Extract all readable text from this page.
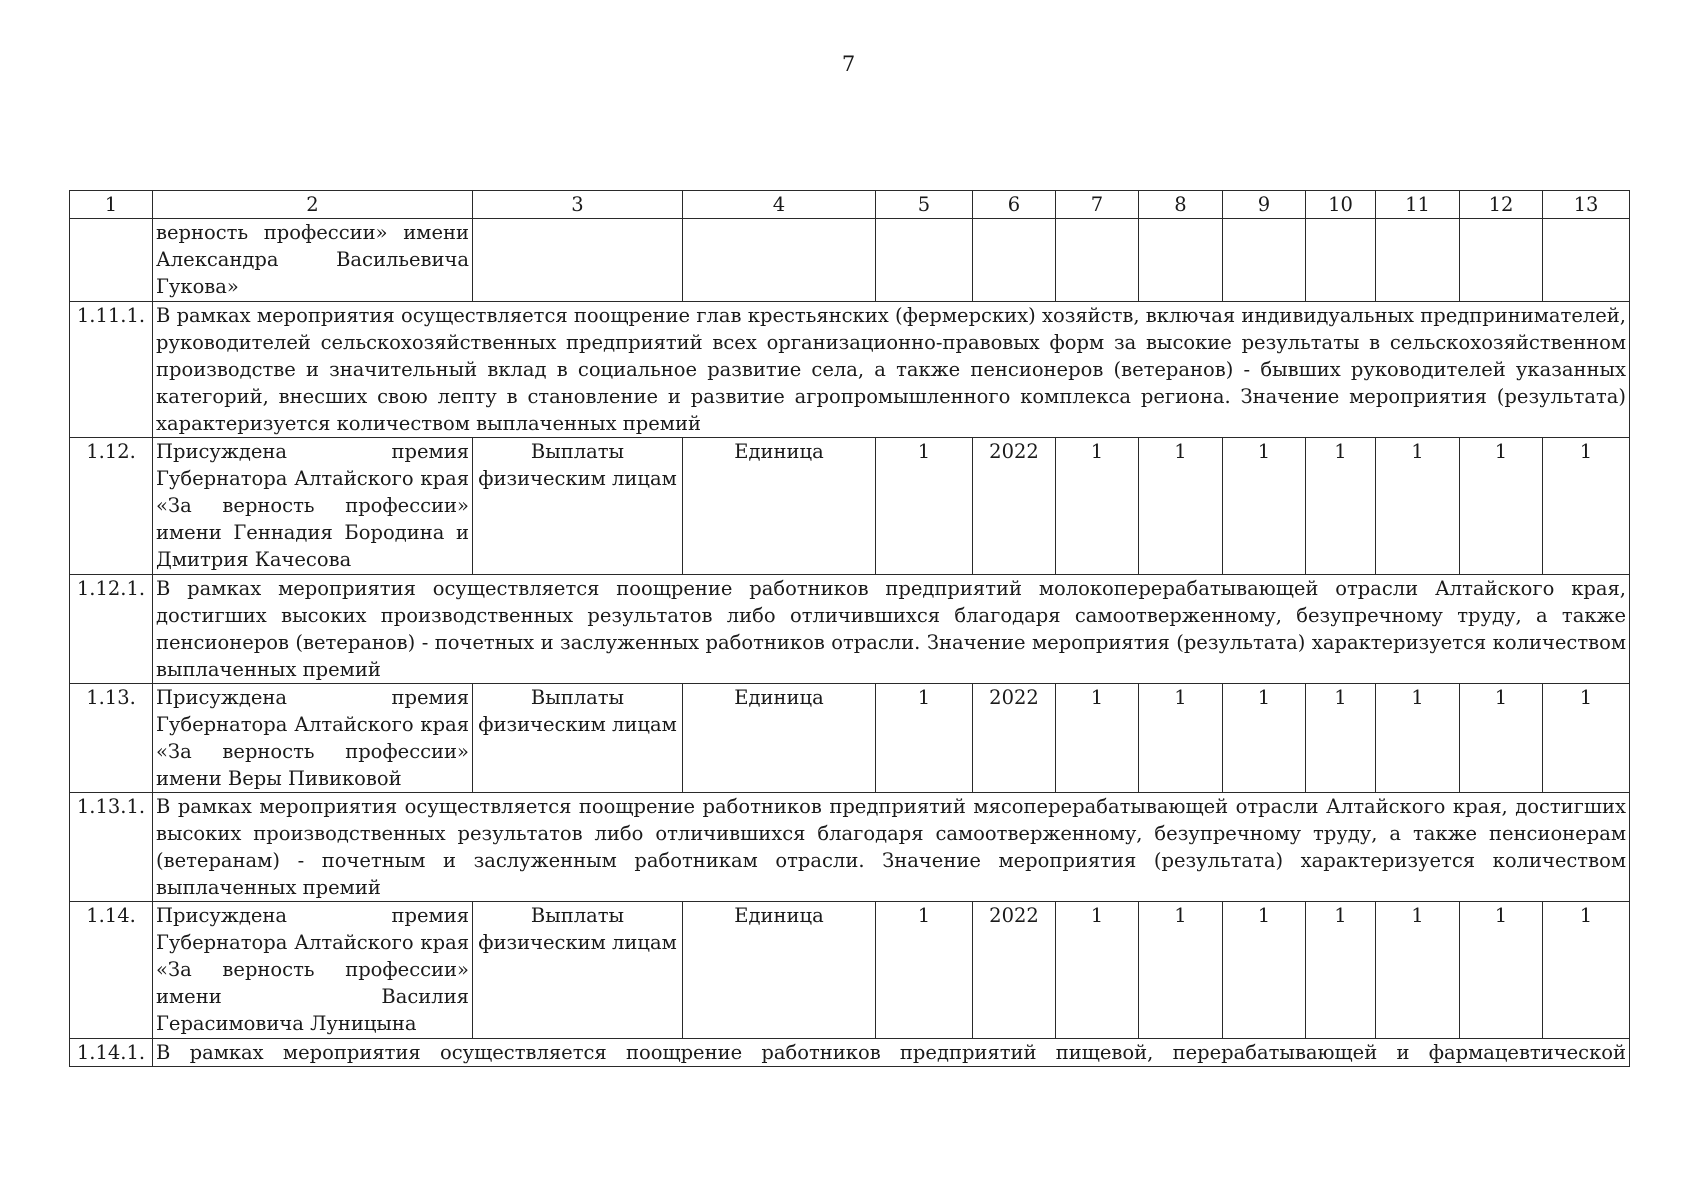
7
1	2	3	4	5	6	7	8	9	10	11	12	13
	верность профессии» имени Александра Васильевича Гукова»											
1.11.1.	В рамках мероприятия осуществляется поощрение глав крестьянских (фермерских) хозяйств, включая индивидуальных предпринимателей, руководителей сельскохозяйственных предприятий всех организационно-правовых форм за высокие результаты в сельскохозяйственном производстве и значительный вклад в социальное развитие села, а также пенсионеров (ветеранов) - бывших руководителей указанных категорий, внесших свою лепту в становление и развитие агропромышленного комплекса региона. Значение мероприятия (результата) характеризуется количеством выплаченных премий											
1.12.	Присуждена премия Губернатора Алтайского края «За верность профессии» имени Геннадия Бородина и Дмитрия Качесова	Выплаты физическим лицам	Единица	1	2022	1	1	1	1	1	1	1
1.12.1.	В рамках мероприятия осуществляется поощрение работников предприятий молокоперерабатывающей отрасли Алтайского края, достигших высоких производственных результатов либо отличившихся благодаря самоотверженному, безупречному труду, а также пенсионеров (ветеранов) - почетных и заслуженных работников отрасли. Значение мероприятия (результата) характеризуется количеством выплаченных премий											
1.13.	Присуждена премия Губернатора Алтайского края «За верность профессии» имени Веры Пивиковой	Выплаты физическим лицам	Единица	1	2022	1	1	1	1	1	1	1
1.13.1.	В рамках мероприятия осуществляется поощрение работников предприятий мясоперерабатывающей отрасли Алтайского края, достигших высоких производственных результатов либо отличившихся благодаря самоотверженному, безупречному труду, а также пенсионерам (ветеранам) - почетным и заслуженным работникам отрасли. Значение мероприятия (результата) характеризуется количеством выплаченных премий											
1.14.	Присуждена премия Губернатора Алтайского края «За верность профессии» имени Василия Герасимовича Луницына	Выплаты физическим лицам	Единица	1	2022	1	1	1	1	1	1	1
1.14.1.	В рамках мероприятия осуществляется поощрение работников предприятий пищевой, перерабатывающей и фармацевтической											
